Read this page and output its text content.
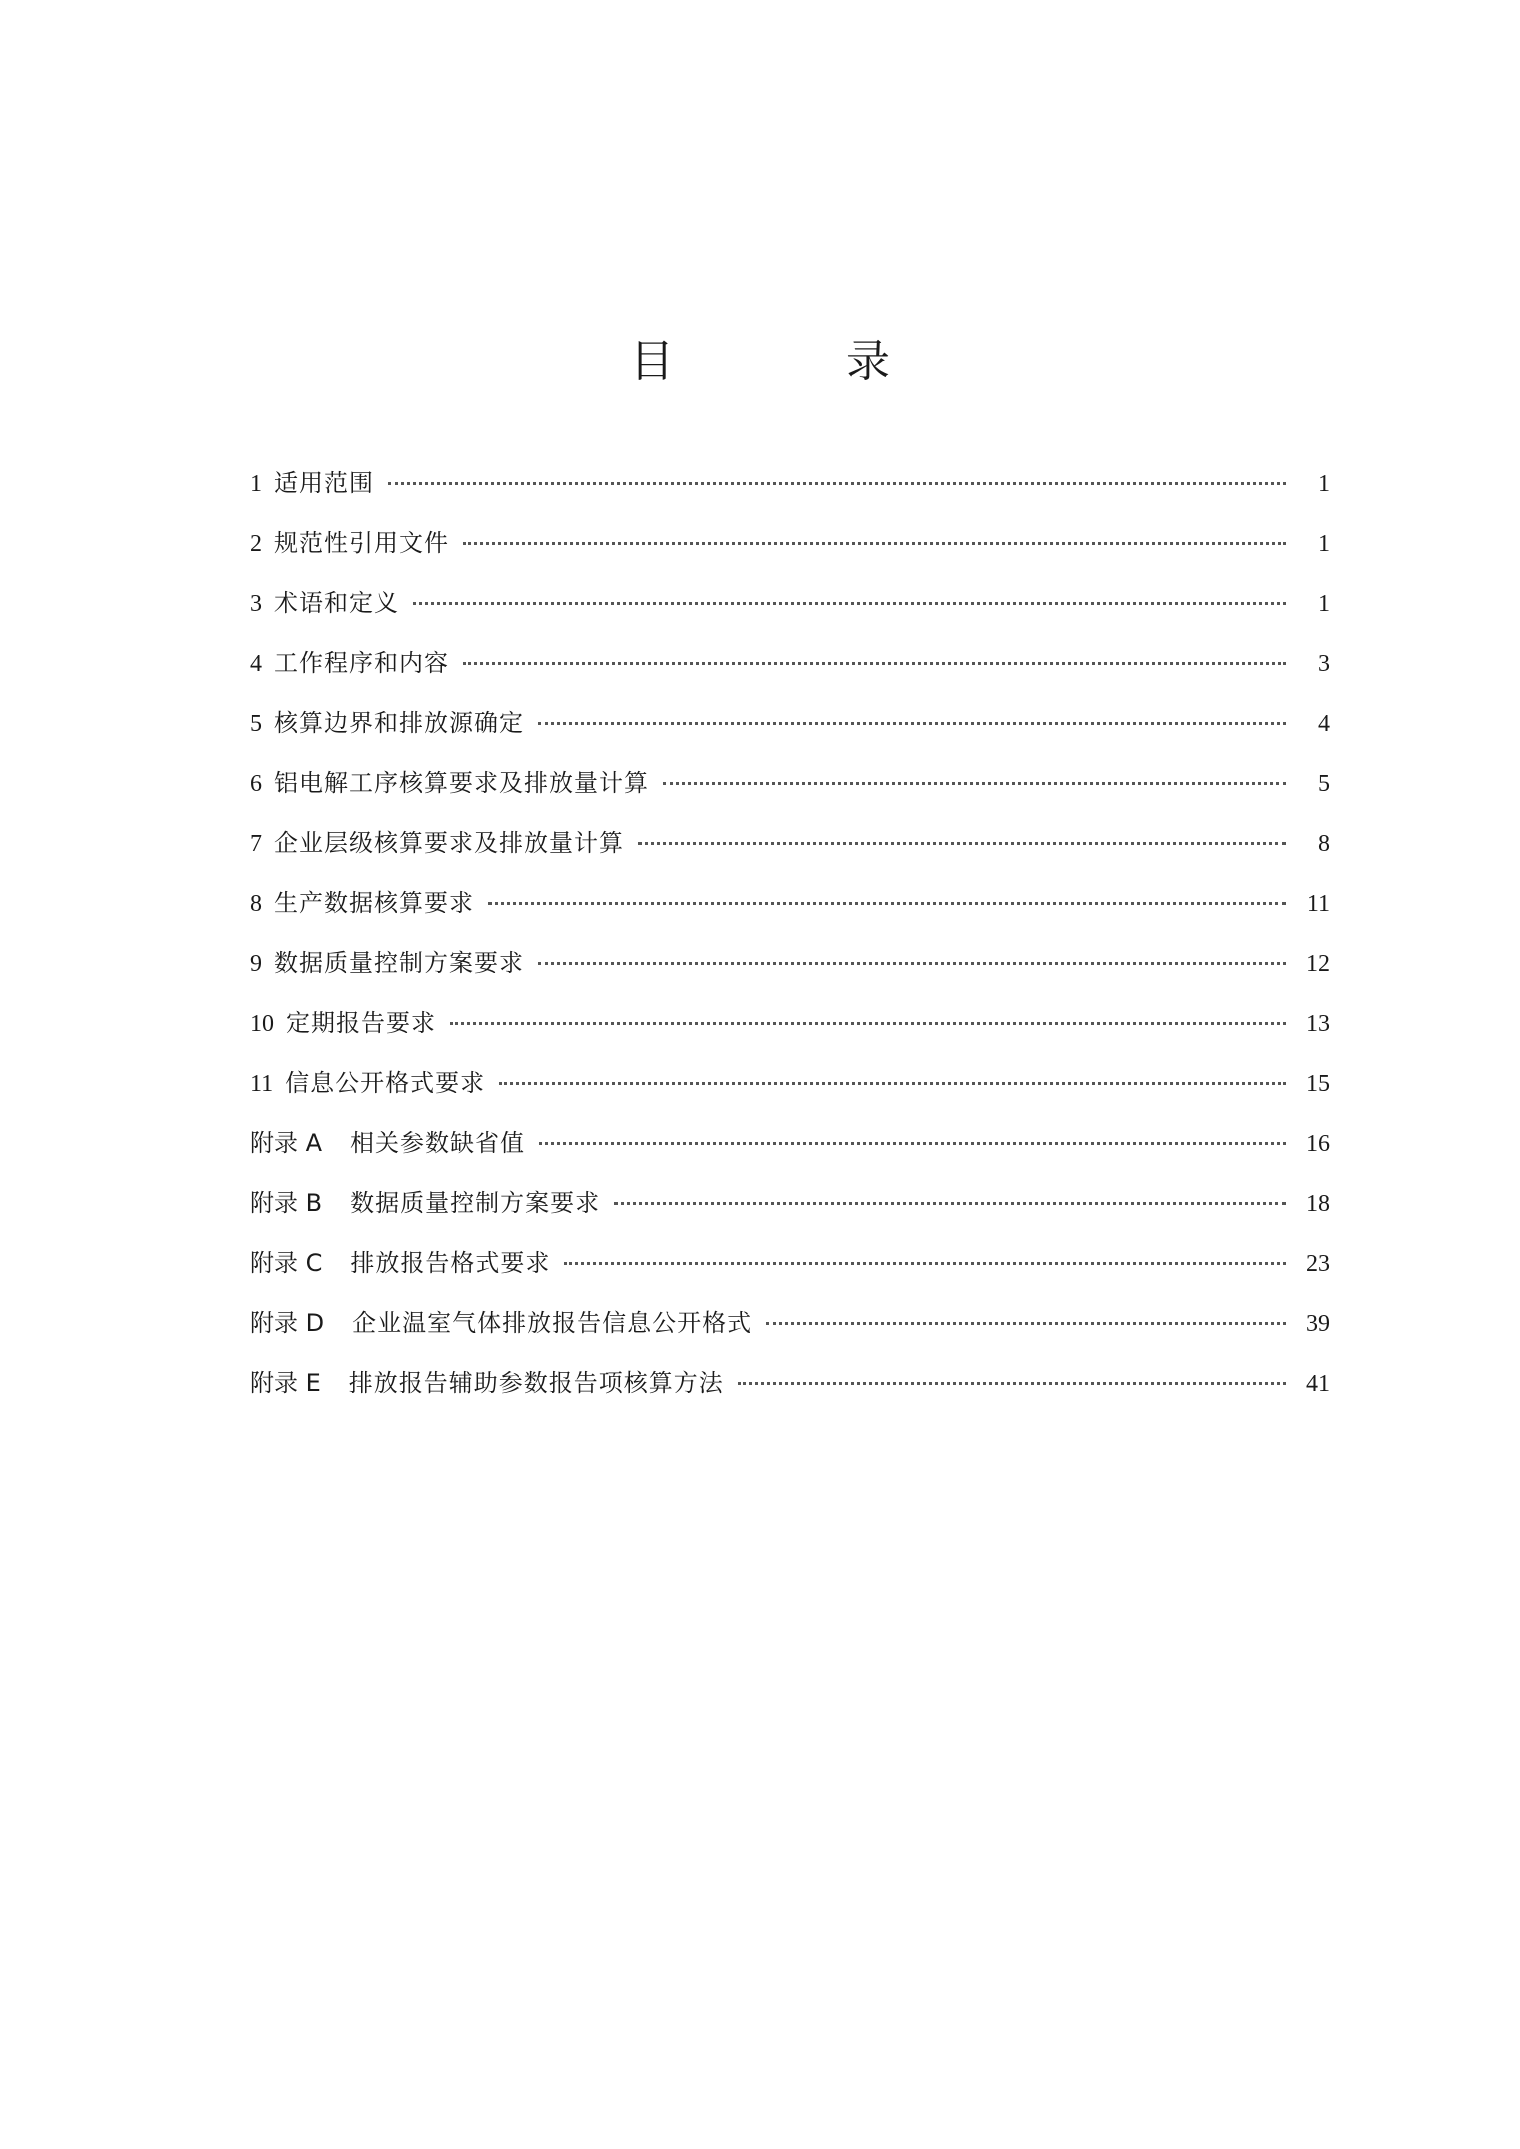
目　录
1 适用范围	1
2 规范性引用文件	1
3 术语和定义	1
4 工作程序和内容	3
5 核算边界和排放源确定	4
6 铝电解工序核算要求及排放量计算	5
7 企业层级核算要求及排放量计算	8
8 生产数据核算要求	11
9 数据质量控制方案要求	12
10 定期报告要求	13
11 信息公开格式要求	15
附录 A 相关参数缺省值	16
附录 B 数据质量控制方案要求	18
附录 C 排放报告格式要求	23
附录 D 企业温室气体排放报告信息公开格式	39
附录 E 排放报告辅助参数报告项核算方法	41
